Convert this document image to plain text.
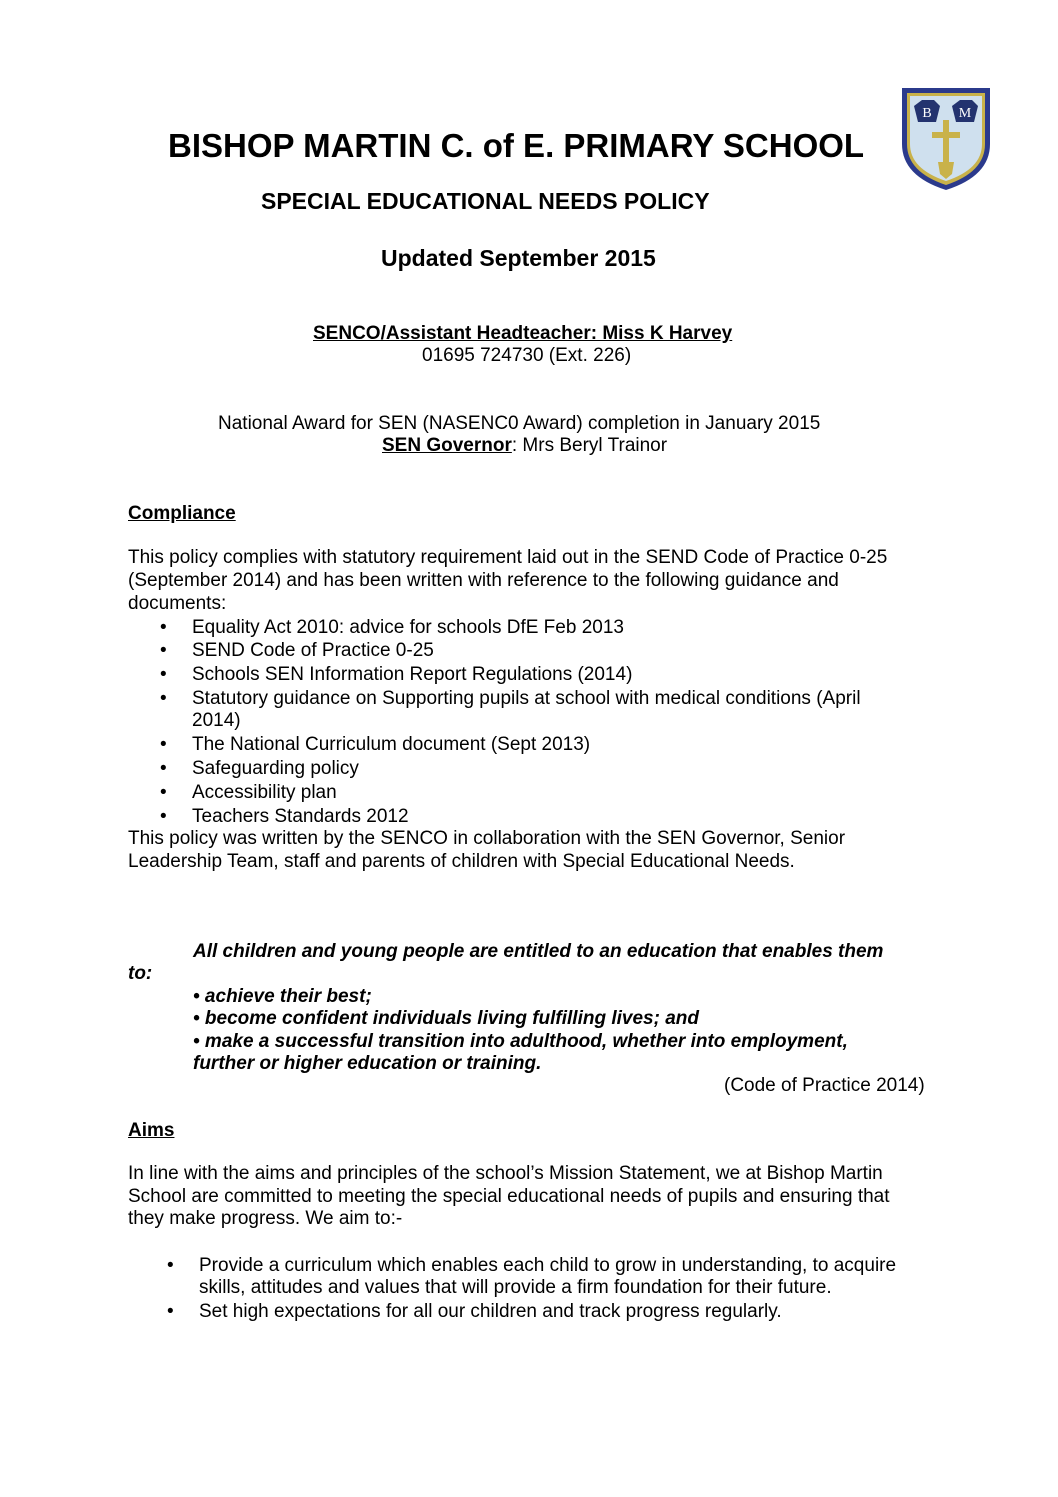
BISHOP MARTIN C. of E. PRIMARY SCHOOL
SPECIAL EDUCATIONAL NEEDS POLICY
Updated September 2015
B M
SENCO/Assistant Headteacher: Miss K Harvey
01695 724730 (Ext. 226)
National Award for SEN (NASENC0 Award) completion in January 2015
SEN Governor: Mrs Beryl Trainor
Compliance
This policy complies with statutory requirement laid out in the SEND Code of Practice 0-25
(September 2014) and has been written with reference to the following guidance and
documents:
• Equality Act 2010: advice for schools DfE Feb 2013
• SEND Code of Practice 0-25
• Schools SEN Information Report Regulations (2014)
• Statutory guidance on Supporting pupils at school with medical conditions (April
2014)
• The National Curriculum document (Sept 2013)
• Safeguarding policy
• Accessibility plan
• Teachers Standards 2012
This policy was written by the SENCO in collaboration with the SEN Governor, Senior
Leadership Team, staff and parents of children with Special Educational Needs.
All children and young people are entitled to an education that enables them
to:
• achieve their best;
• become confident individuals living fulfilling lives; and
• make a successful transition into adulthood, whether into employment,
further or higher education or training.
(Code of Practice 2014)
Aims
In line with the aims and principles of the school’s Mission Statement, we at Bishop Martin
School are committed to meeting the special educational needs of pupils and ensuring that
they make progress. We aim to:-
• Provide a curriculum which enables each child to grow in understanding, to acquire
skills, attitudes and values that will provide a firm foundation for their future.
• Set high expectations for all our children and track progress regularly.
